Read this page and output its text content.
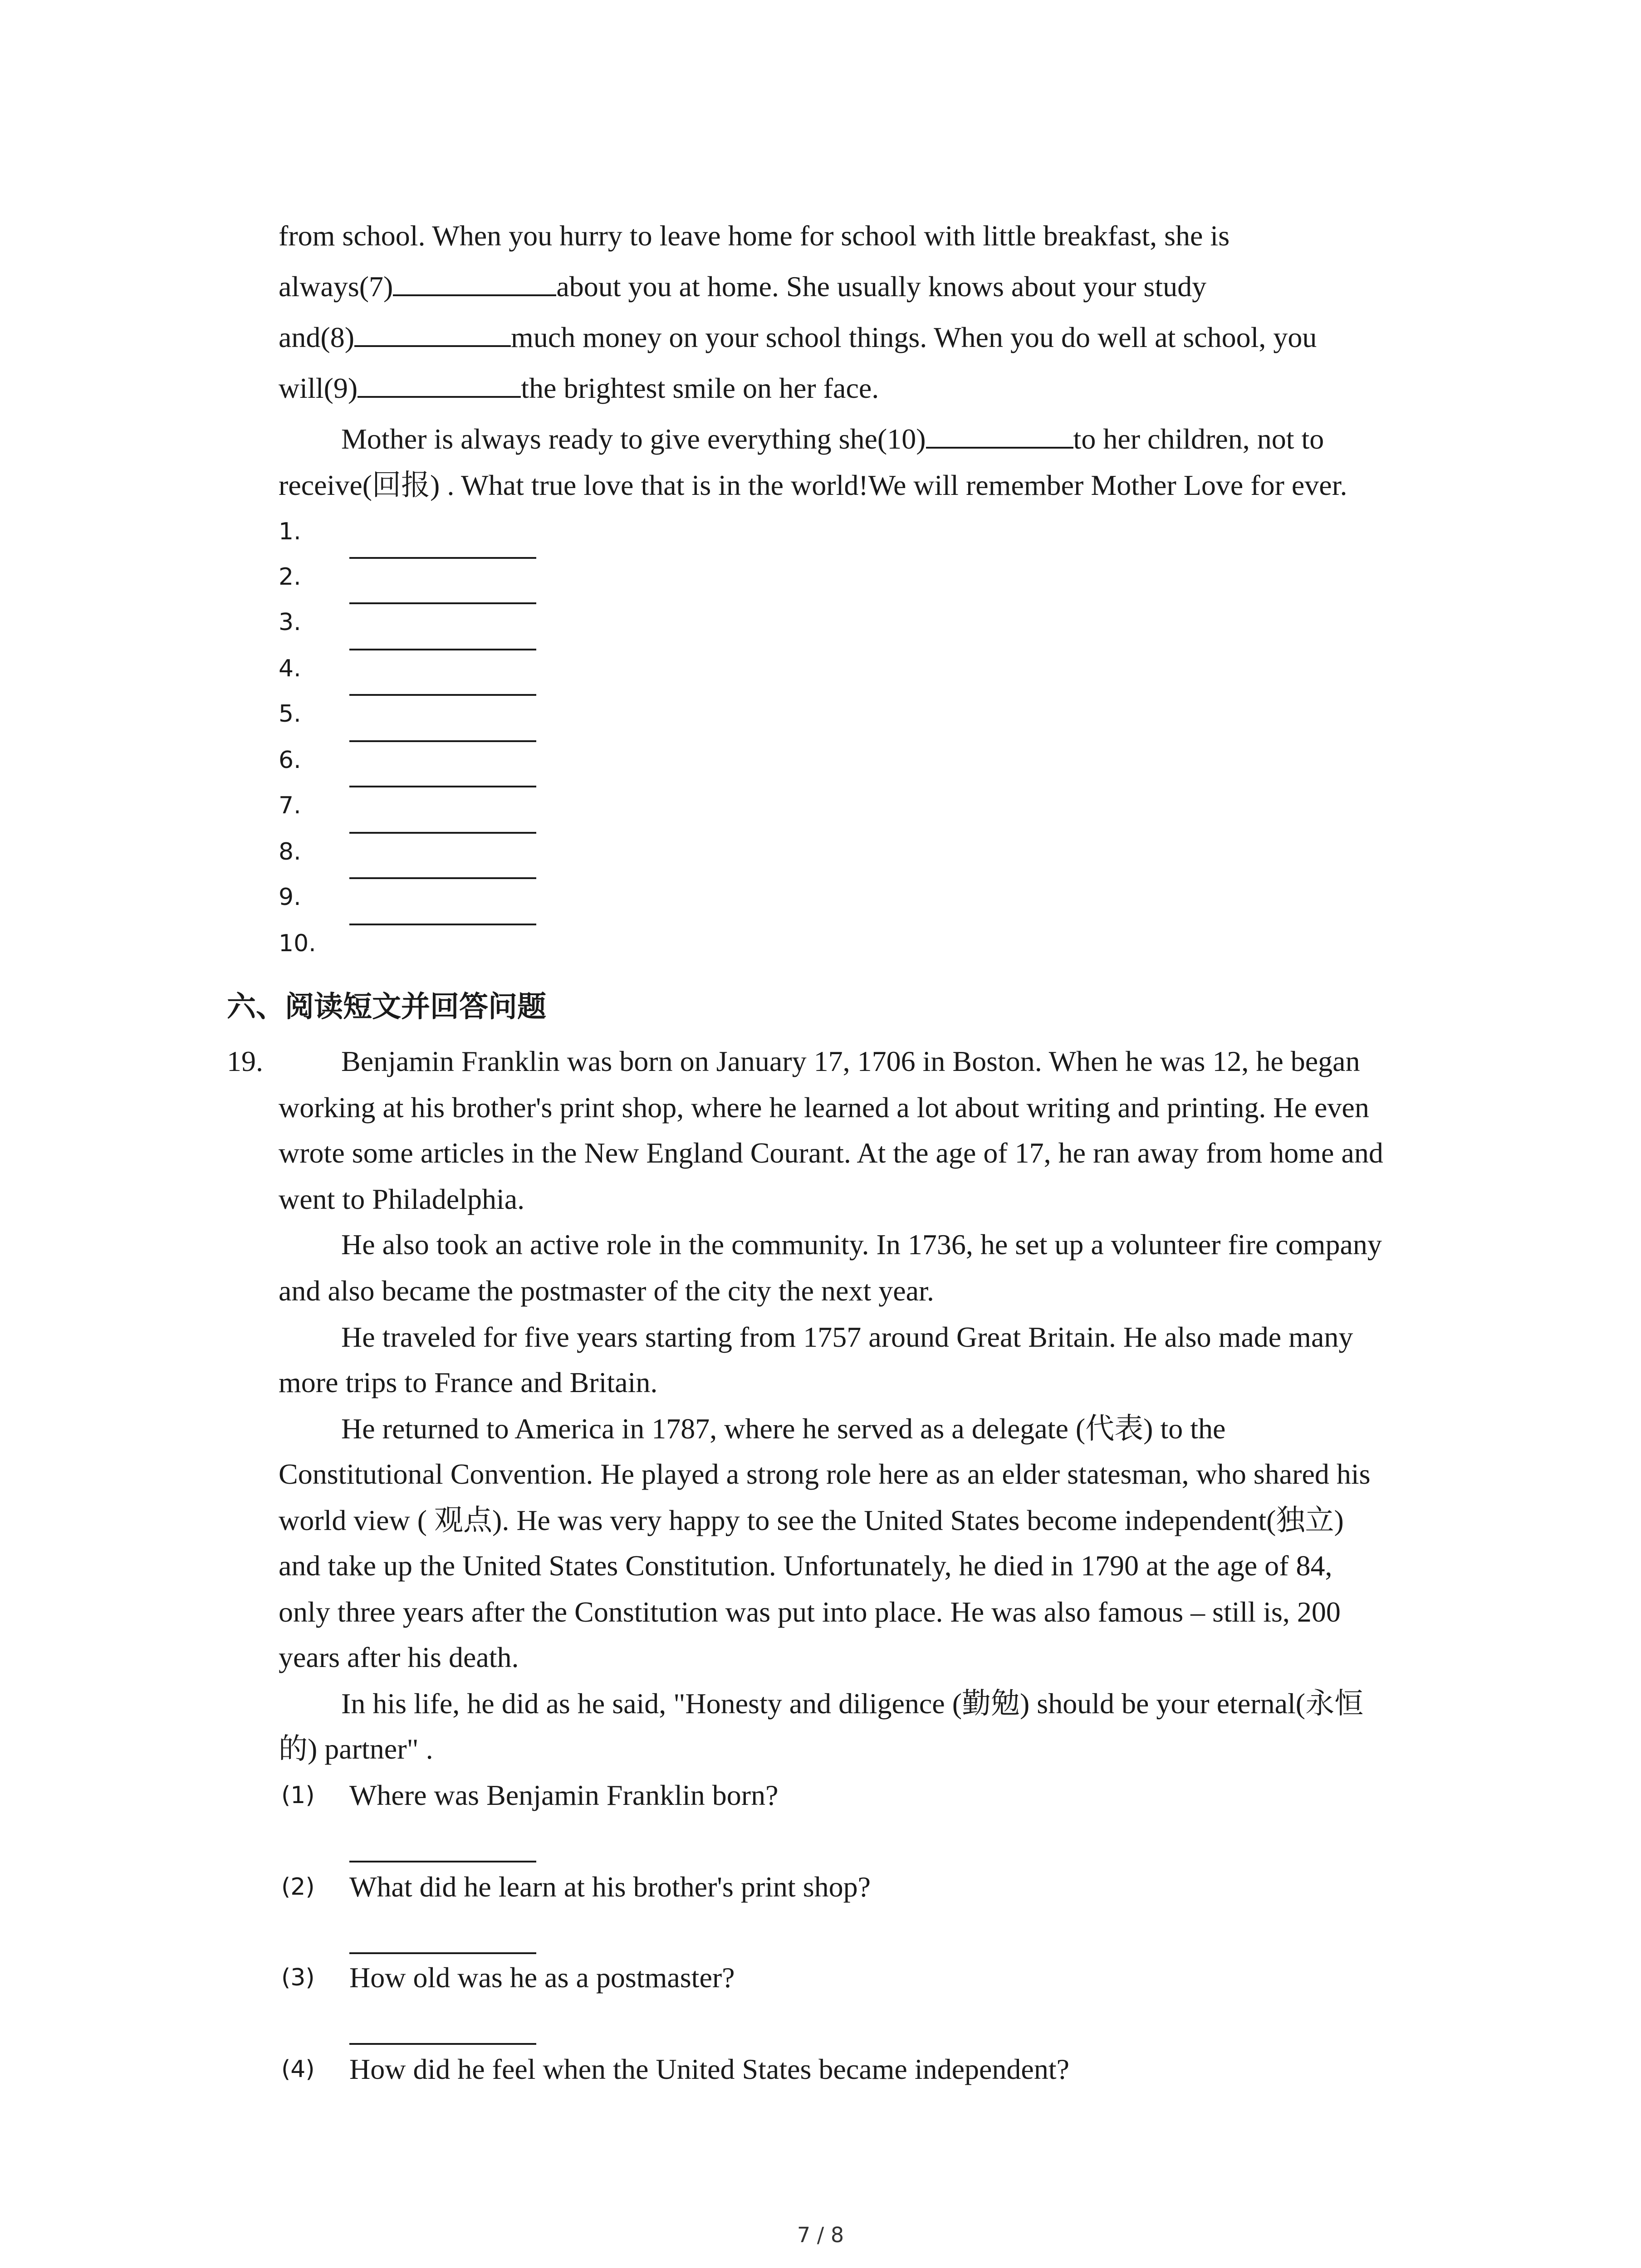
from school. When you hurry to leave home for school with little breakfast, she is
always(7)	about you at home. She usually knows about your study
and(8)	much money on your school things. When you do well at school, you
will(9)	the brightest smile on her face.
Mother is always ready to give everything she(10)	to her children, not to
receive(回报) . What true love that is in the world!We will remember Mother Love for ever.
1.
2.
3.
4.
5.
6.
7.
8.
9.
10.
六、阅读短文并回答问题
19.	Benjamin Franklin was born on January 17, 1706 in Boston. When he was 12, he began
working at his brother's print shop, where he learned a lot about writing and printing. He even
wrote some articles in the New England Courant. At the age of 17, he ran away from home and
went to Philadelphia.
He also took an active role in the community. In 1736, he set up a volunteer fire company
and also became the postmaster of the city the next year.
He traveled for five years starting from 1757 around Great Britain. He also made many
more trips to France and Britain.
He returned to America in 1787, where he served as a delegate (代表) to the
Constitutional Convention. He played a strong role here as an elder statesman, who shared his
world view ( 观点). He was very happy to see the United States become independent(独立)
and take up the United States Constitution. Unfortunately, he died in 1790 at the age of 84,
only three years after the Constitution was put into place. He was also famous – still is, 200
years after his death.
In his life, he did as he said, "Honesty and diligence (勤勉) should be your eternal(永恒
的) partner" .
(1) Where was Benjamin Franklin born?
(2) What did he learn at his brother's print shop?
(3) How old was he as a postmaster?
(4) How did he feel when the United States became independent?
7 / 8
